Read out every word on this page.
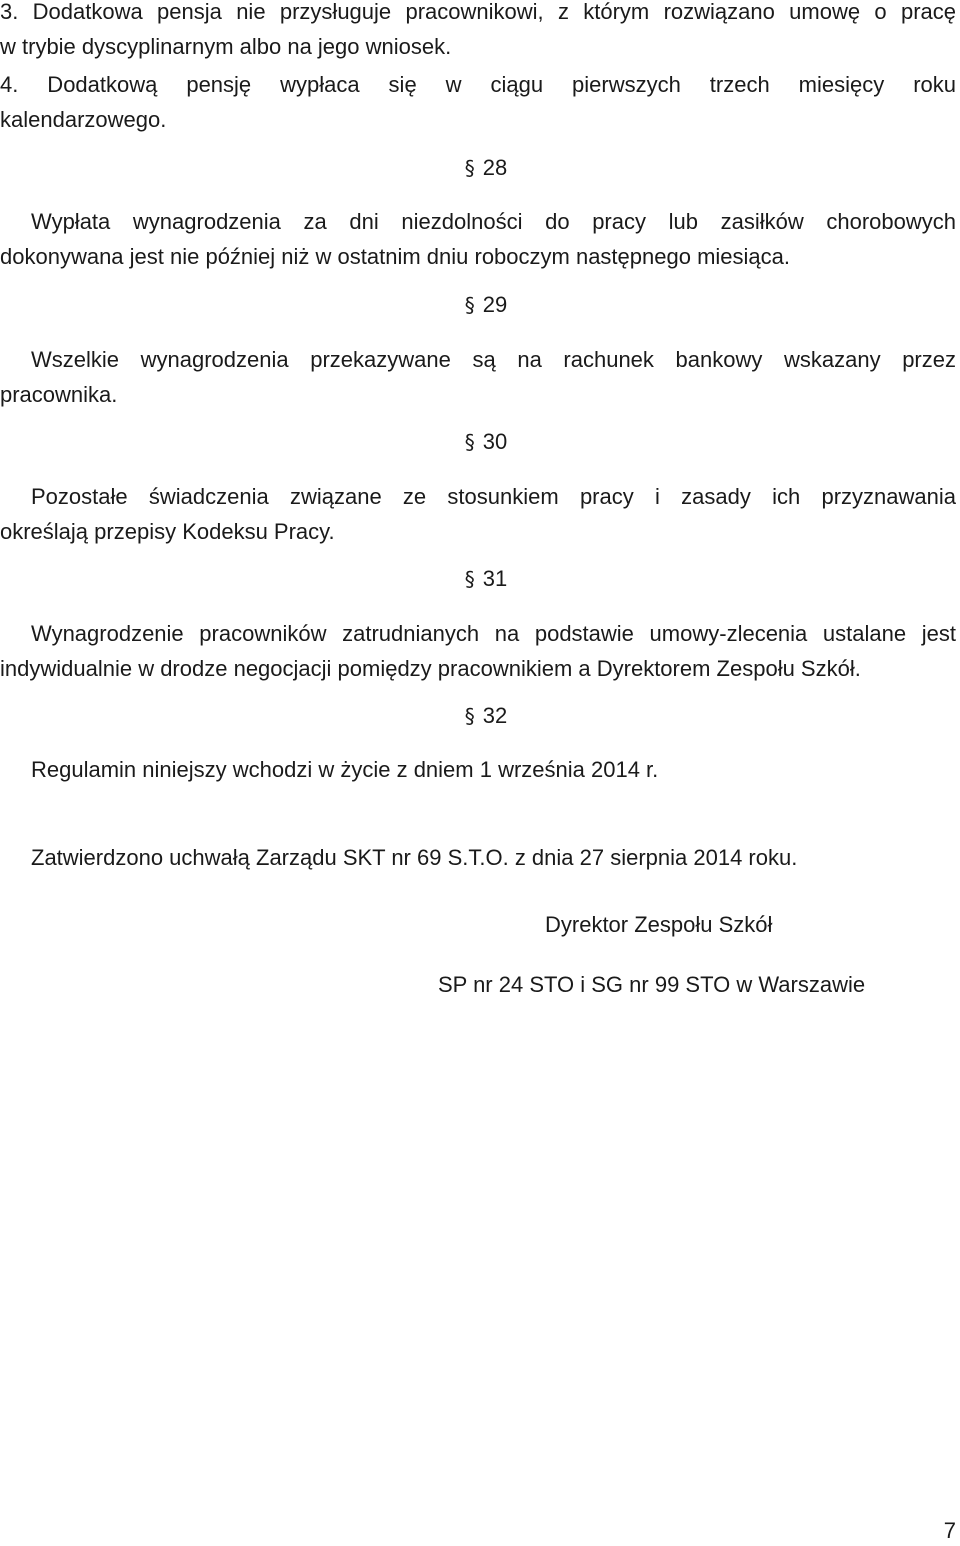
3. Dodatkowa pensja nie przysługuje pracownikowi, z którym rozwiązano umowę o pracę
w trybie dyscyplinarnym albo na jego wniosek.

4. Dodatkową pensję wypłaca się w ciągu pierwszych trzech miesięcy roku
kalendarzowego.

§ 28

Wypłata wynagrodzenia za dni niezdolności do pracy lub zasiłków chorobowych
dokonywana jest nie później niż w ostatnim dniu roboczym następnego miesiąca.

§ 29

Wszelkie wynagrodzenia przekazywane są na rachunek bankowy wskazany przez
pracownika.

§ 30

Pozostałe świadczenia związane ze stosunkiem pracy i zasady ich przyznawania
określają przepisy Kodeksu Pracy.

§ 31

Wynagrodzenie pracowników zatrudnianych na podstawie umowy-zlecenia ustalane jest
indywidualnie w drodze negocjacji pomiędzy pracownikiem a Dyrektorem Zespołu Szkół.

§ 32

Regulamin niniejszy wchodzi w życie z dniem 1 września 2014 r.

Zatwierdzono uchwałą Zarządu SKT nr 69 S.T.O. z dnia 27 sierpnia 2014 roku.

Dyrektor Zespołu Szkół

SP nr 24 STO i SG nr 99 STO w Warszawie

7
